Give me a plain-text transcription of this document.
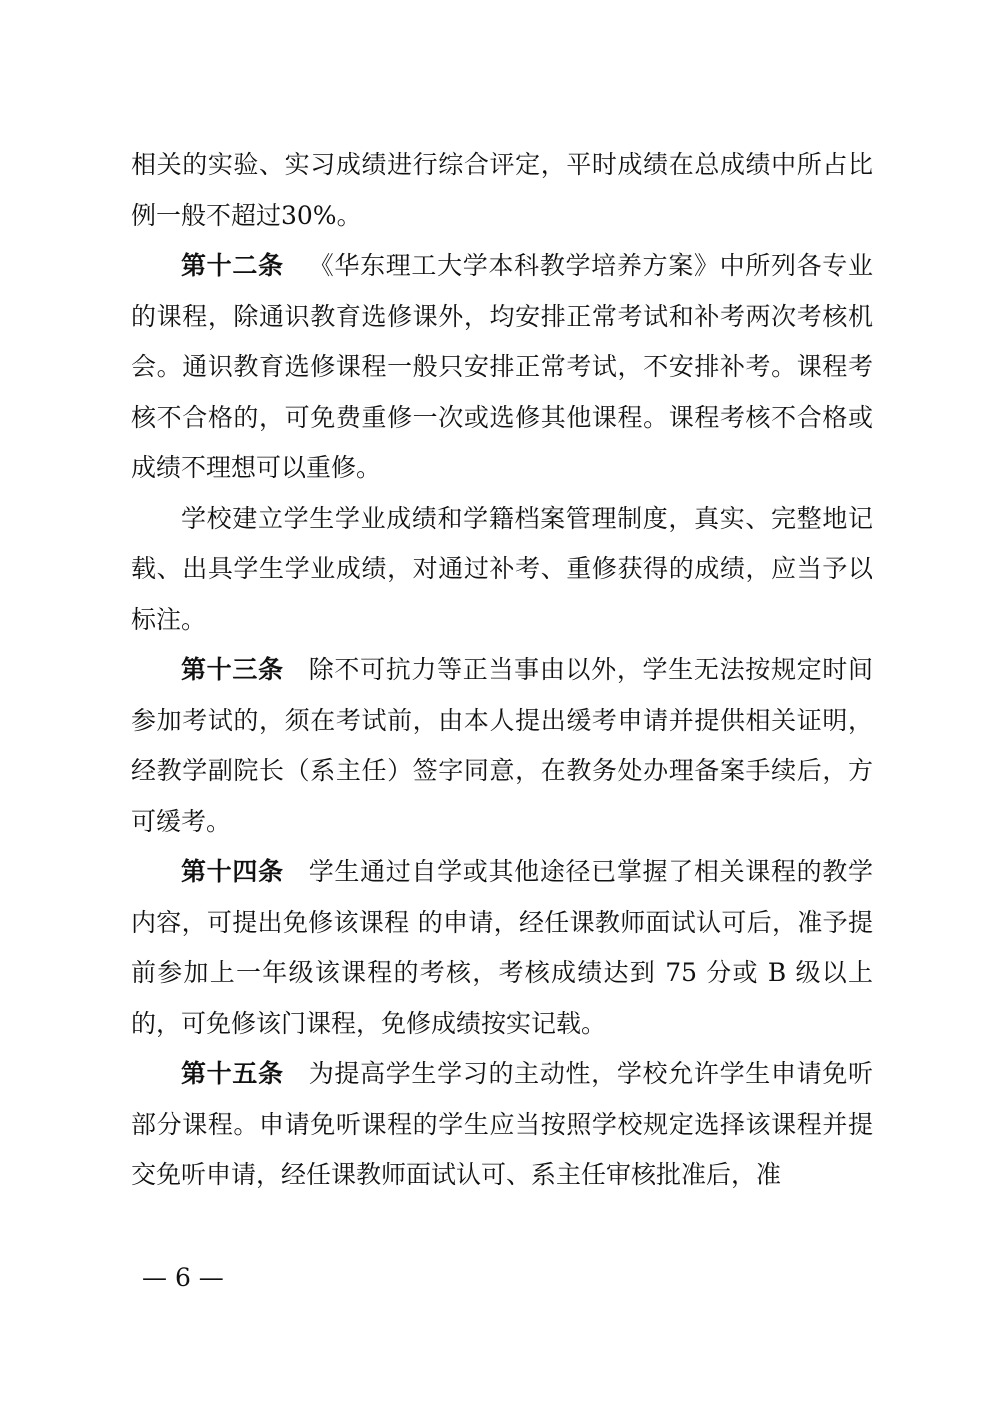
相关的实验、实习成绩进行综合评定，平时成绩在总成绩中所占比例一般不超过30%。

第十二条 《华东理工大学本科教学培养方案》中所列各专业的课程，除通识教育选修课外，均安排正常考试和补考两次考核机会。通识教育选修课程一般只安排正常考试，不安排补考。课程考核不合格的，可免费重修一次或选修其他课程。课程考核不合格或成绩不理想可以重修。

学校建立学生学业成绩和学籍档案管理制度，真实、完整地记载、出具学生学业成绩，对通过补考、重修获得的成绩，应当予以标注。

第十三条 除不可抗力等正当事由以外，学生无法按规定时间参加考试的，须在考试前，由本人提出缓考申请并提供相关证明，经教学副院长（系主任）签字同意，在教务处办理备案手续后，方可缓考。

第十四条 学生通过自学或其他途径已掌握了相关课程的教学内容，可提出免修该课程 的申请，经任课教师面试认可后，准予提前参加上一年级该课程的考核，考核成绩达到 75 分或 B 级以上的，可免修该门课程，免修成绩按实记载。

第十五条 为提高学生学习的主动性，学校允许学生申请免听部分课程。申请免听课程的学生应当按照学校规定选择该课程并提交免听申请，经任课教师面试认可、系主任审核批准后，准

— 6 —
